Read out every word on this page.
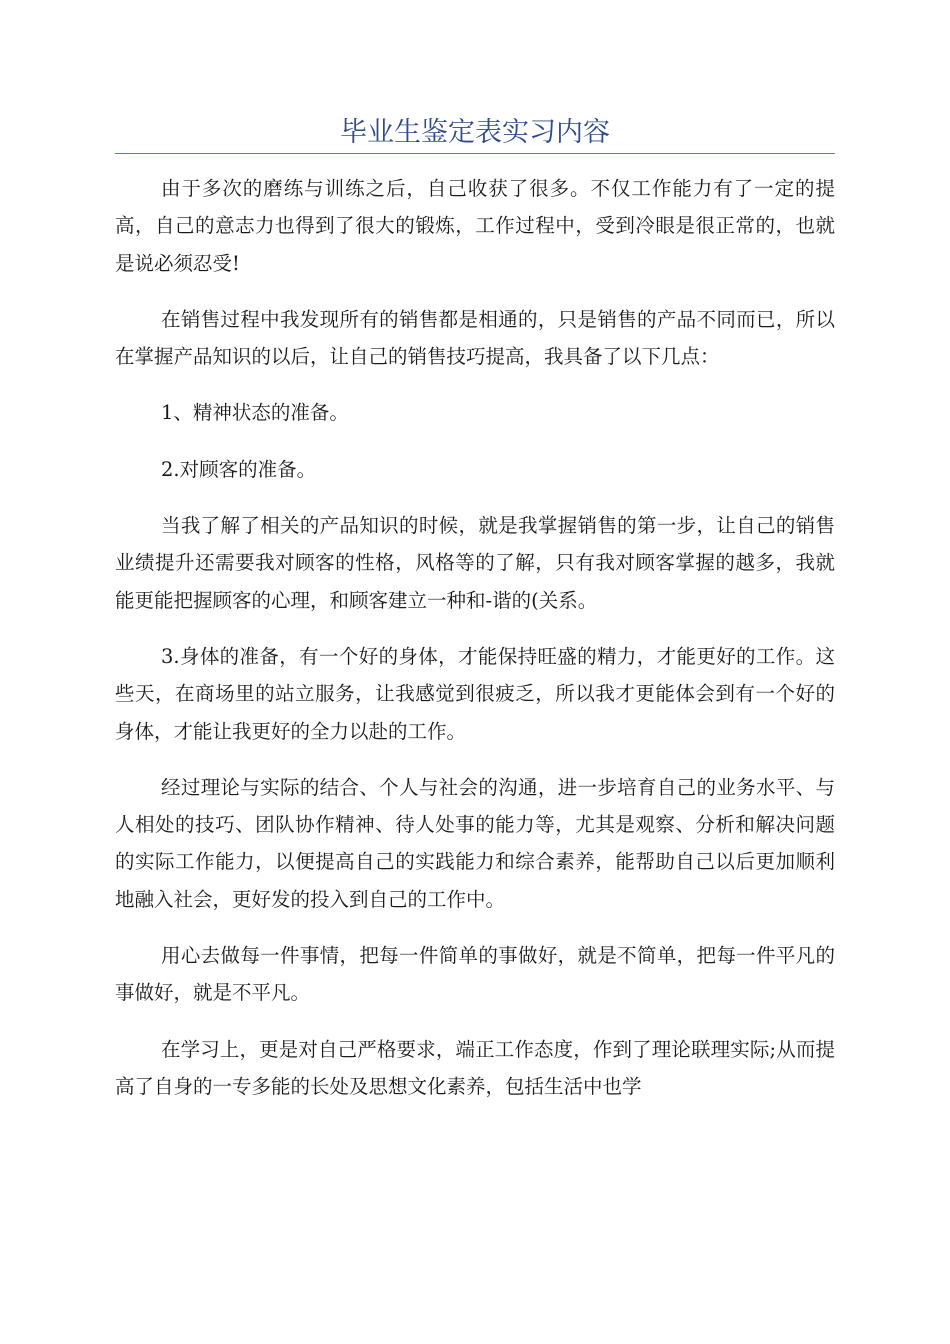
毕业生鉴定表实习内容

由于多次的磨练与训练之后，自己收获了很多。不仅工作能力有了一定的提高，自己的意志力也得到了很大的锻炼，工作过程中，受到冷眼是很正常的，也就是说必须忍受!

在销售过程中我发现所有的销售都是相通的，只是销售的产品不同而已，所以在掌握产品知识的以后，让自己的销售技巧提高，我具备了以下几点：

1、精神状态的准备。

2.对顾客的准备。

当我了解了相关的产品知识的时候，就是我掌握销售的第一步，让自己的销售业绩提升还需要我对顾客的性格，风格等的了解，只有我对顾客掌握的越多，我就能更能把握顾客的心理，和顾客建立一种和-谐的(关系。

3.身体的准备，有一个好的身体，才能保持旺盛的精力，才能更好的工作。这些天，在商场里的站立服务，让我感觉到很疲乏，所以我才更能体会到有一个好的身体，才能让我更好的全力以赴的工作。

经过理论与实际的结合、个人与社会的沟通，进一步培育自己的业务水平、与人相处的技巧、团队协作精神、待人处事的能力等，尤其是观察、分析和解决问题的实际工作能力，以便提高自己的实践能力和综合素养，能帮助自己以后更加顺利地融入社会，更好发的投入到自己的工作中。

用心去做每一件事情，把每一件简单的事做好，就是不简单，把每一件平凡的事做好，就是不平凡。

在学习上，更是对自己严格要求，端正工作态度，作到了理论联理实际;从而提高了自身的一专多能的长处及思想文化素养，包括生活中也学
